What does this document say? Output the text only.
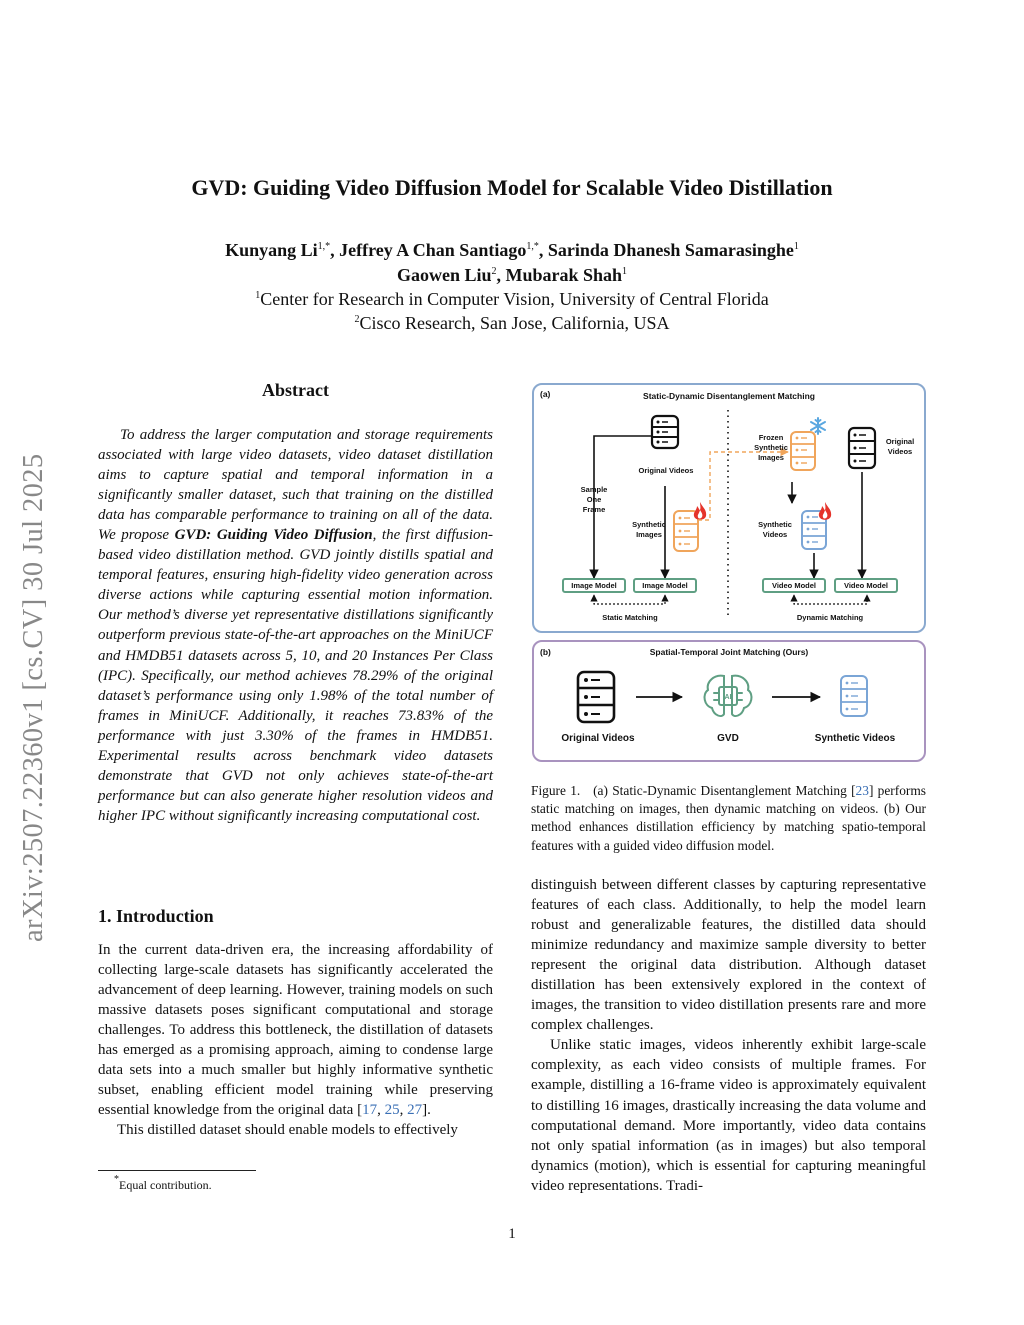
arXiv:2507.22360v1 [cs.CV] 30 Jul 2025
GVD: Guiding Video Diffusion Model for Scalable Video Distillation
Kunyang $Li^{1,*}$, Jeffrey A Chan Santiago$^{1,*}$, Sarinda Dhanesh Samarasinghe$^1$
Gaowen Liu$^2$, Mubarak Shah$^1$
$^1$Center for Research in Computer Vision, University of Central Florida
$^2$Cisco Research, San Jose, California, USA
Abstract

To address the larger computation and storage requirements associated with large video datasets, video dataset distillation aims to capture spatial and temporal information in a significantly smaller dataset, such that training on the distilled data has comparable performance to training on all of the data. We propose GVD: Guiding Video Diffusion, the first diffusion-based video distillation method. GVD jointly distills spatial and temporal features, ensuring high-fidelity video generation across diverse actions while capturing essential motion information. Our method’s diverse yet representative distillations significantly outperform previous state-of-the-art approaches on the MiniUCF and HMDB51 datasets across 5, 10, and 20 Instances Per Class (IPC). Specifically, our method achieves 78.29% of the original dataset’s performance using only 1.98% of the total number of frames in MiniUCF. Additionally, it reaches 73.83% of the performance with just 3.30% of the frames in HMDB51. Experimental results across benchmark video datasets demonstrate that GVD not only achieves state-of-the-art performance but can also generate higher resolution videos and higher IPC without significantly increasing computational cost.

1. Introduction

In the current data-driven era, the increasing affordability of collecting large-scale datasets has significantly accelerated the advancement of deep learning. However, training models on such massive datasets poses significant computational and storage challenges. To address this bottleneck, the distillation of datasets has emerged as a promising approach, aiming to condense large data sets into a much smaller but highly informative synthetic subset, enabling efficient model training while preserving essential knowledge from the original data [17, 25, 27].

This distilled dataset should enable models to effectively

*Equal contribution.

distinguish between different classes by capturing representative features of each class. Additionally, to help the model learn robust and generalizable features, the distilled data should minimize redundancy and maximize sample diversity to better represent the original data distribution. Although dataset distillation has been extensively explored in the context of images, the transition to video distillation presents rare and more complex challenges.

Unlike static images, videos inherently exhibit large-scale complexity, as each video consists of multiple frames. For example, distilling a 16-frame video is approximately equivalent to distilling 16 images, drastically increasing the data volume and computational demand. More importantly, video data contains not only spatial information (as in images) but also temporal dynamics (motion), which is essential for capturing meaningful video representations. Tradi-

(a)	Static-Dynamic Disentanglement Matching
(b)	Spatial-Temporal Joint Matching (Ours)
AI
Original Videos
Sample
One
Frame
Synthetic
Images
Frozen
Synthetic
Images
Synthetic
Videos
Original
Videos
Image Model	Image Model	Video Model	Video Model
Static Matching	Dynamic Matching
Original Videos	GVD	Synthetic Videos
Figure 1. (a) Static-Dynamic Disentanglement Matching [23] performs static matching on images, then dynamic matching on videos. (b) Our method enhances distillation efficiency by matching spatio-temporal features with a guided video diffusion model.
1
